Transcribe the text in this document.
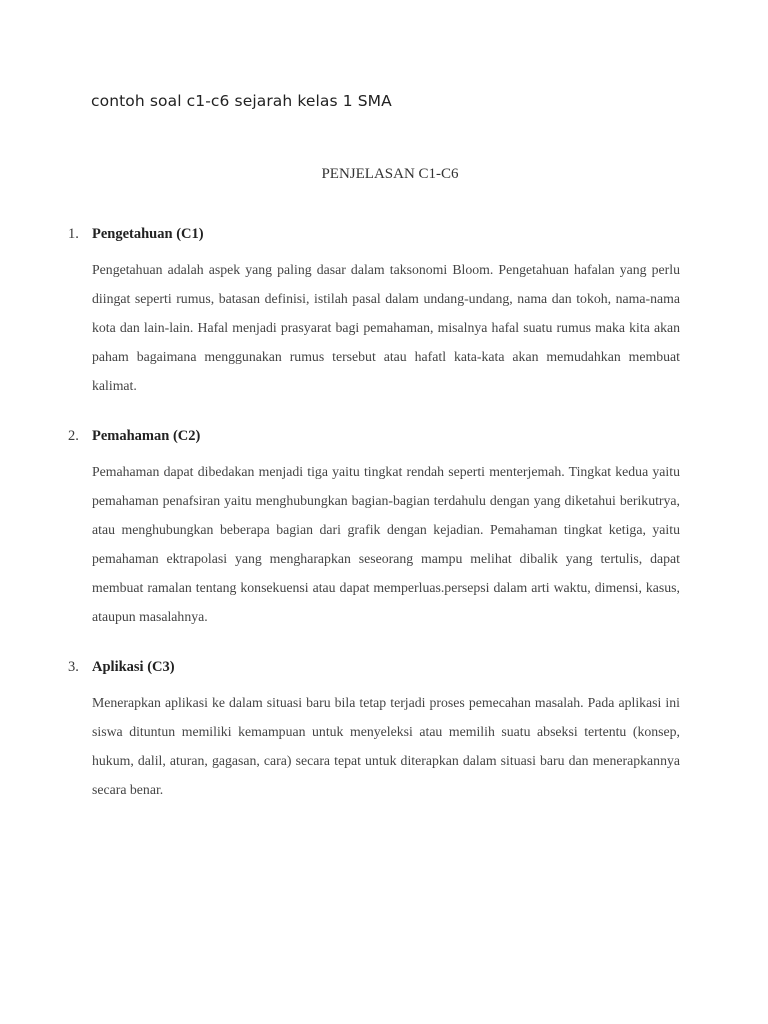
contoh soal c1-c6 sejarah kelas 1 SMA
PENJELASAN C1-C6
1. Pengetahuan (C1)

Pengetahuan adalah aspek yang paling dasar dalam taksonomi Bloom. Pengetahuan hafalan yang perlu diingat seperti rumus, batasan definisi, istilah pasal dalam undang-undang, nama dan tokoh, nama-nama kota dan lain-lain. Hafal menjadi prasyarat bagi pemahaman, misalnya hafal suatu rumus maka kita akan paham bagaimana menggunakan rumus tersebut atau hafatl kata-kata akan memudahkan membuat kalimat.

2. Pemahaman (C2)

Pemahaman dapat dibedakan menjadi tiga yaitu tingkat rendah seperti menterjemah. Tingkat kedua yaitu pemahaman penafsiran yaitu menghubungkan bagian-bagian terdahulu dengan yang diketahui berikutrya, atau menghubungkan beberapa bagian dari grafik dengan kejadian. Pemahaman tingkat ketiga, yaitu pemahaman ektrapolasi yang mengharapkan seseorang mampu melihat dibalik yang tertulis, dapat membuat ramalan tentang konsekuensi atau dapat memperluas.persepsi dalam arti waktu, dimensi, kasus, ataupun masalahnya.

3. Aplikasi (C3)

Menerapkan aplikasi ke dalam situasi baru bila tetap terjadi proses pemecahan masalah. Pada aplikasi ini siswa dituntun memiliki kemampuan untuk menyeleksi atau memilih suatu abseksi tertentu (konsep, hukum, dalil, aturan, gagasan, cara) secara tepat untuk diterapkan dalam situasi baru dan menerapkannya secara benar.
